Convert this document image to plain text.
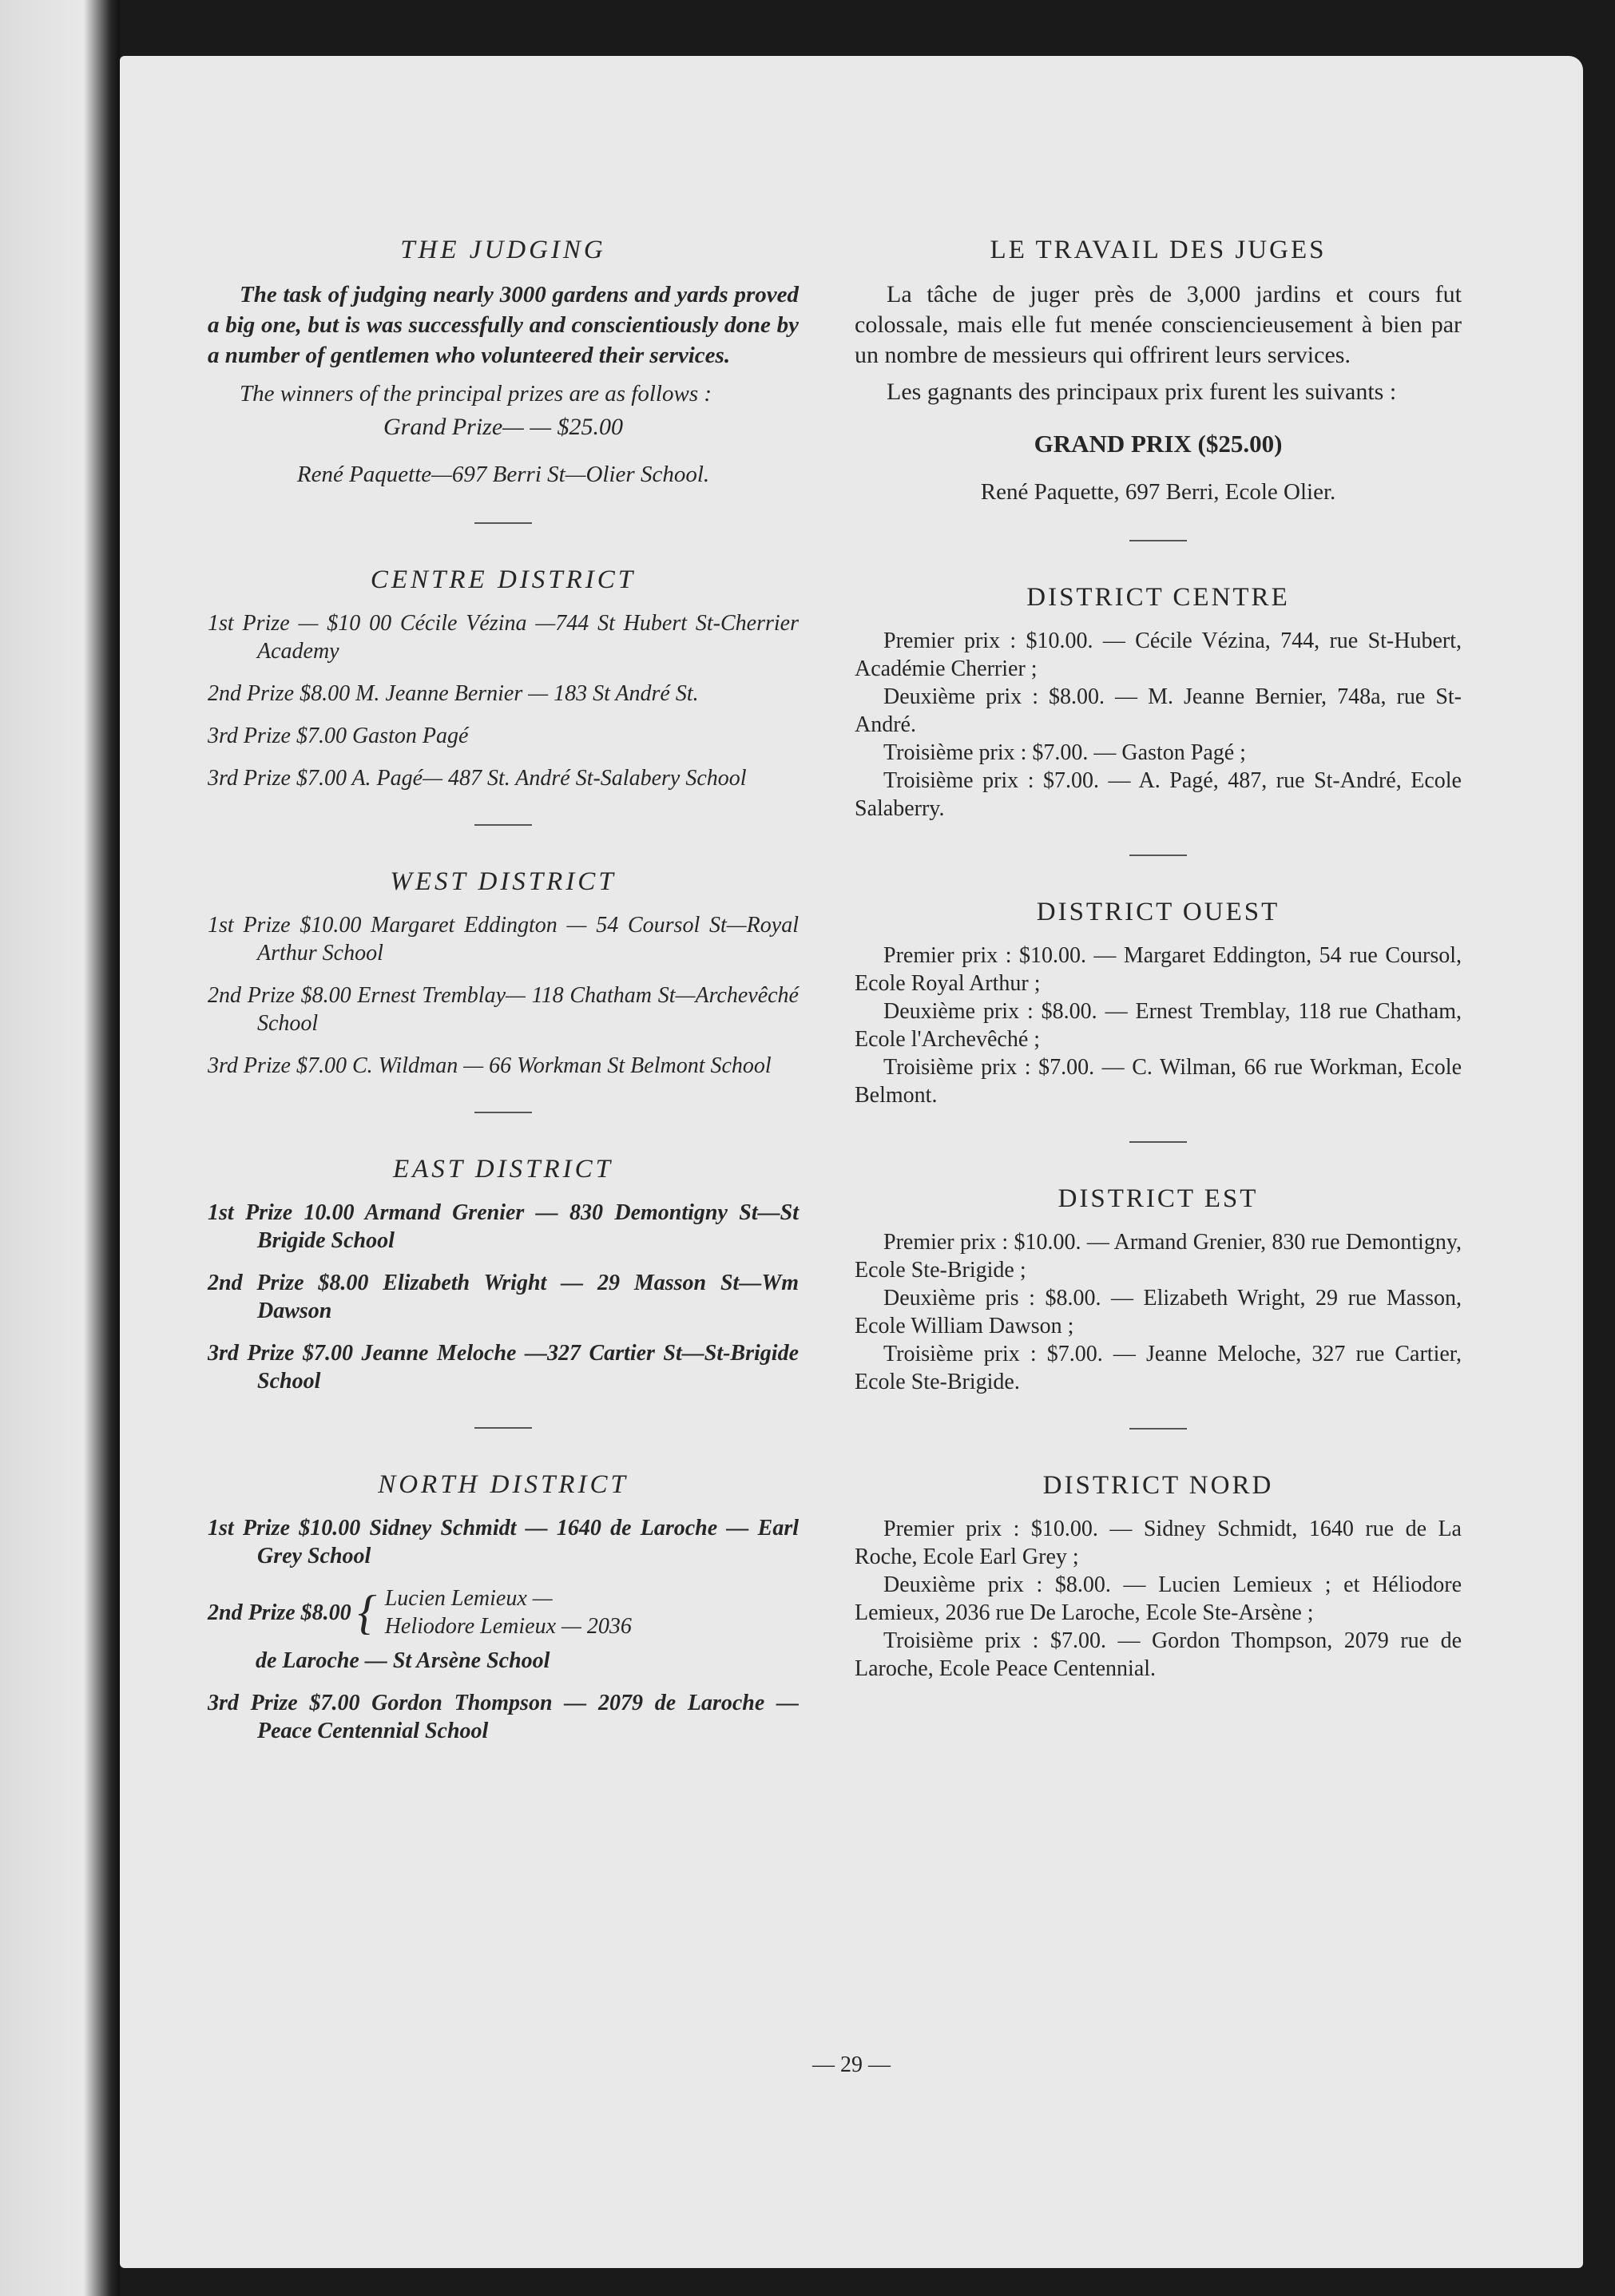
THE JUDGING

The task of judging nearly 3000 gardens and yards proved a big one, but is was successfully and conscientiously done by a number of gentlemen who volunteered their services.

The winners of the principal prizes are as follows :

Grand Prize— — $25.00

René Paquette—697 Berri St—Olier School.

CENTRE DISTRICT

1st Prize — $10 00 Cécile Vézina —744 St Hubert St-Cherrier Academy

2nd Prize $8.00 M. Jeanne Bernier — 183 St André St.

3rd Prize $7.00 Gaston Pagé

3rd Prize $7.00 A. Pagé— 487 St. André St-Salabery School

WEST DISTRICT

1st Prize $10.00 Margaret Eddington — 54 Coursol St—Royal Arthur School

2nd Prize $8.00 Ernest Tremblay— 118 Chatham St—Archevêché School

3rd Prize $7.00 C. Wildman — 66 Workman St Belmont School

EAST DISTRICT

1st Prize 10.00 Armand Grenier — 830 Demontigny St—St Brigide School

2nd Prize $8.00 Elizabeth Wright — 29 Masson St—Wm Dawson

3rd Prize $7.00 Jeanne Meloche —327 Cartier St—St-Brigide School

NORTH DISTRICT

1st Prize $10.00 Sidney Schmidt — 1640 de Laroche — Earl Grey School

2nd Prize $8.00 { Lucien Lemieux —
Heliodore Lemieux — 2036

de Laroche — St Arsène School

3rd Prize $7.00 Gordon Thompson — 2079 de Laroche — Peace Centennial School

LE TRAVAIL DES JUGES

La tâche de juger près de 3,000 jardins et cours fut colossale, mais elle fut menée consciencieusement à bien par un nombre de messieurs qui offrirent leurs services.

Les gagnants des principaux prix furent les suivants :

GRAND PRIX ($25.00)

René Paquette, 697 Berri, Ecole Olier.

DISTRICT CENTRE

Premier prix : $10.00. — Cécile Vézina, 744, rue St-Hubert, Académie Cherrier ;

Deuxième prix : $8.00. — M. Jeanne Bernier, 748a, rue St-André.

Troisième prix : $7.00. — Gaston Pagé ;

Troisième prix : $7.00. — A. Pagé, 487, rue St-André, Ecole Salaberry.

DISTRICT OUEST

Premier prix : $10.00. — Margaret Eddington, 54 rue Coursol, Ecole Royal Arthur ;

Deuxième prix : $8.00. — Ernest Tremblay, 118 rue Chatham, Ecole l'Archevêché ;

Troisième prix : $7.00. — C. Wilman, 66 rue Workman, Ecole Belmont.

DISTRICT EST

Premier prix : $10.00. — Armand Grenier, 830 rue Demontigny, Ecole Ste-Brigide ;

Deuxième pris : $8.00. — Elizabeth Wright, 29 rue Masson, Ecole William Dawson ;

Troisième prix : $7.00. — Jeanne Meloche, 327 rue Cartier, Ecole Ste-Brigide.

DISTRICT NORD

Premier prix : $10.00. — Sidney Schmidt, 1640 rue de La Roche, Ecole Earl Grey ;

Deuxième prix : $8.00. — Lucien Lemieux ; et Héliodore Lemieux, 2036 rue De Laroche, Ecole Ste-Arsène ;

Troisième prix : $7.00. — Gordon Thompson, 2079 rue de Laroche, Ecole Peace Centennial.

— 29 —
